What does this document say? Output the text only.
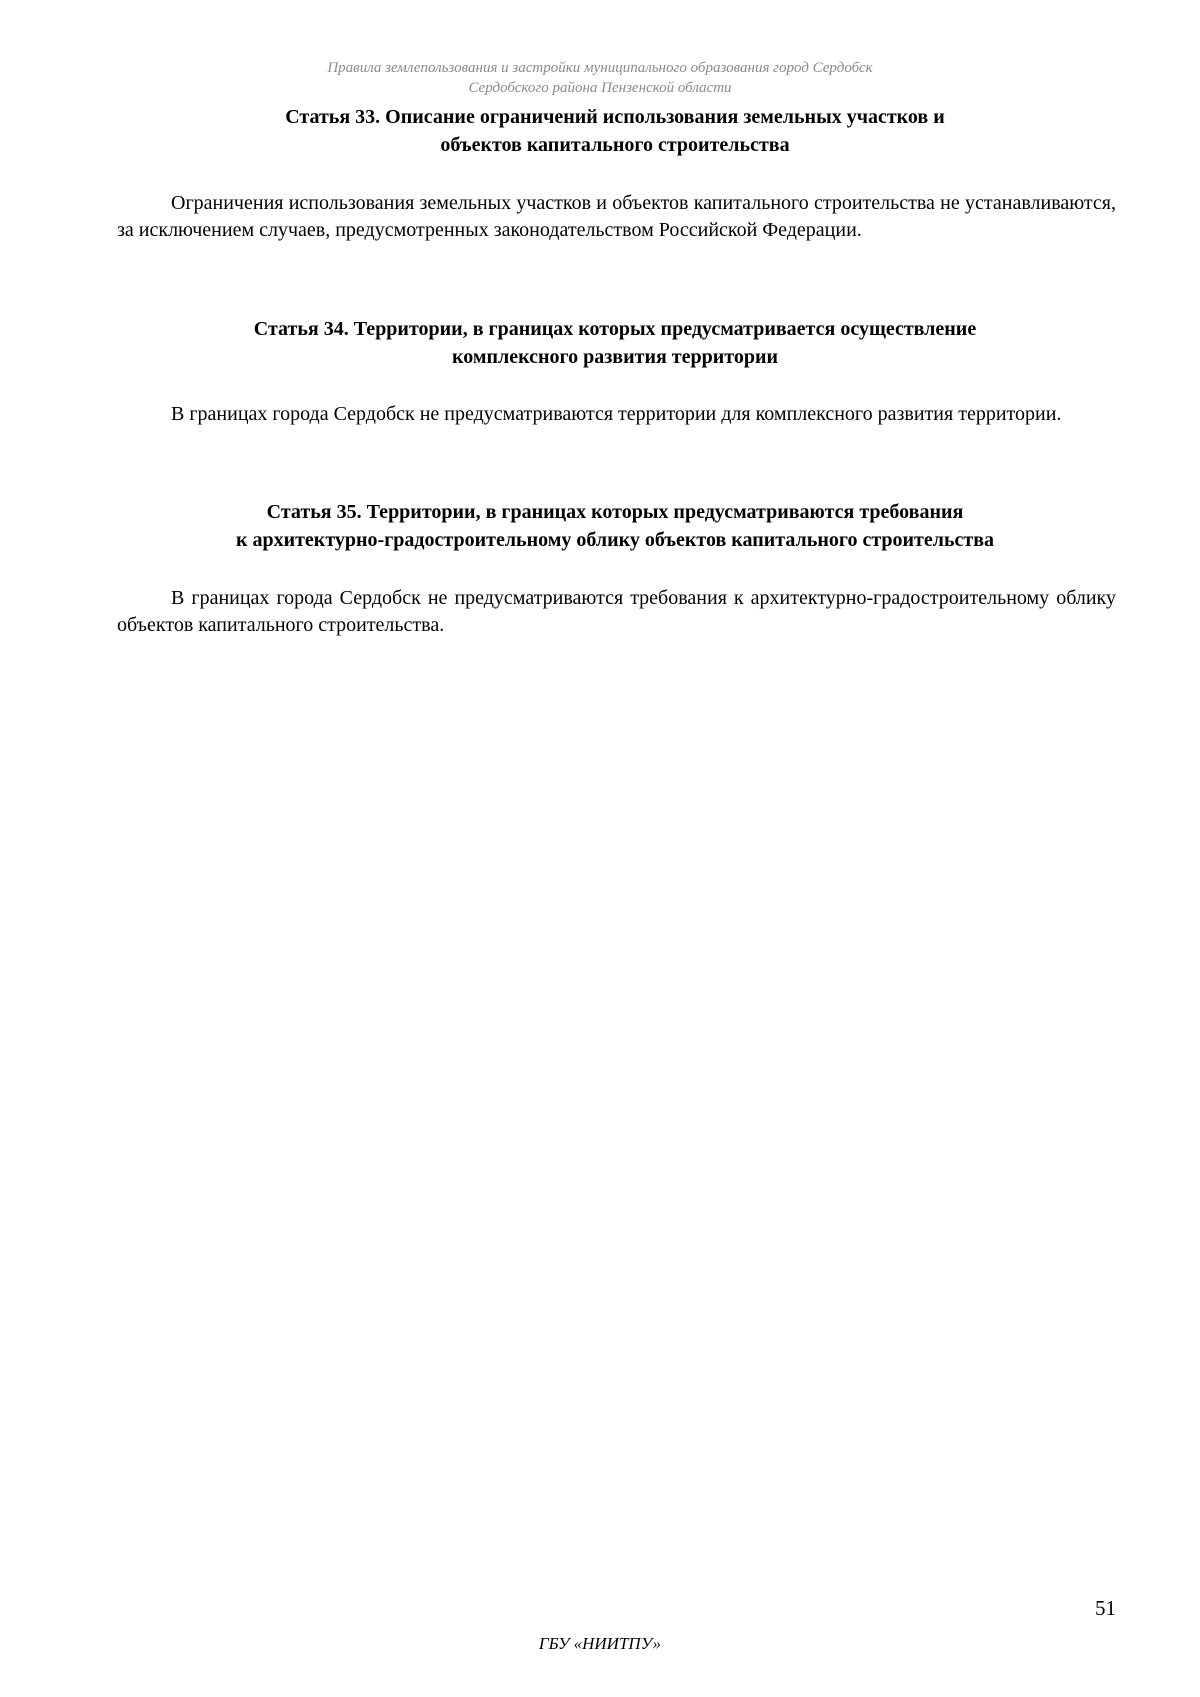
Правила землепользования и застройки муниципального образования город Сердобск
Сердобского района Пензенской области
Статья 33. Описание ограничений использования земельных участков и
объектов капитального строительства

Ограничения использования земельных участков и объектов капитального строительства не устанавливаются, за исключением случаев, предусмотренных законодательством Российской Федерации.

Статья 34. Территории, в границах которых предусматривается осуществление
комплексного развития территории

В границах города Сердобск не предусматриваются территории для комплексного развития территории.

Статья 35. Территории, в границах которых предусматриваются требования
к архитектурно-градостроительному облику объектов капитального строительства

В границах города Сердобск не предусматриваются требования к архитектурно-градостроительному облику объектов капитального строительства.

51
ГБУ «НИИТПУ»
